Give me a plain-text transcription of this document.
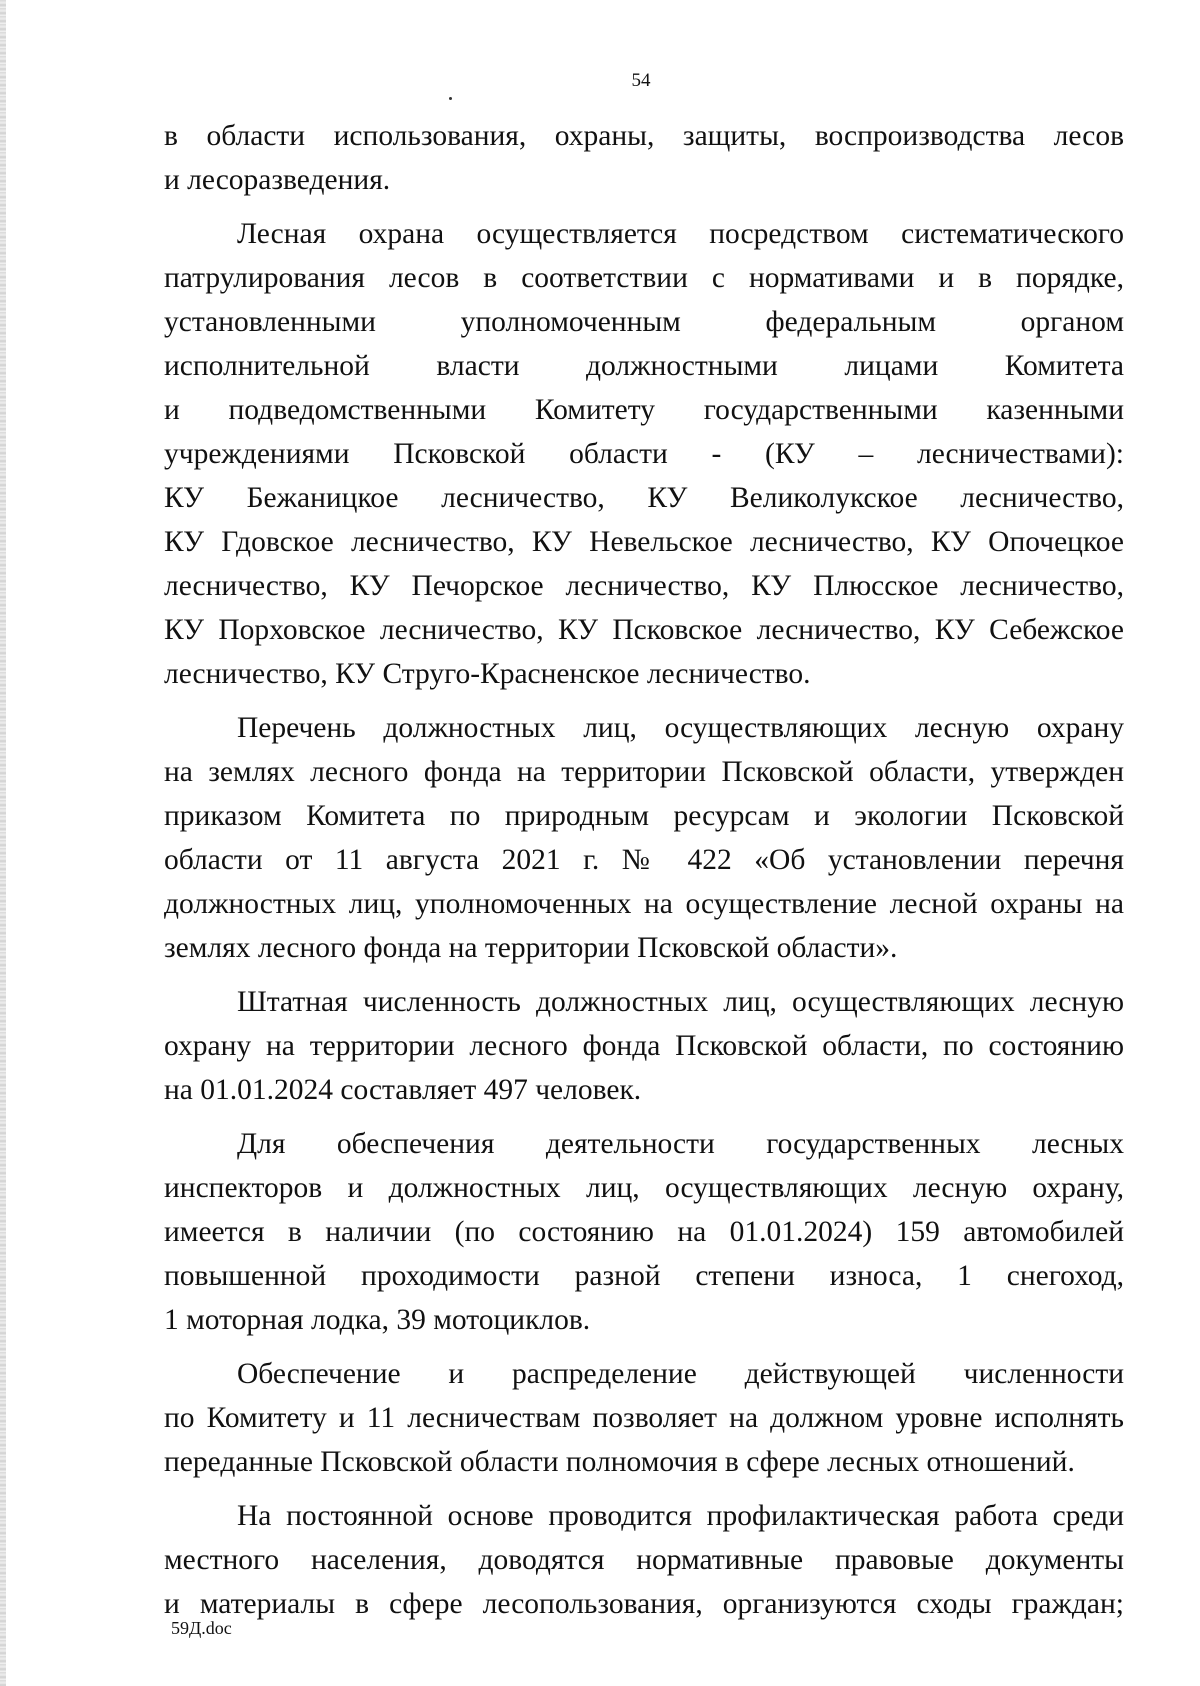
54

в области использования, охраны, защиты, воспроизводства лесов
и лесоразведения.

Лесная охрана осуществляется посредством систематического
патрулирования лесов в соответствии с нормативами и в порядке,
установленными уполномоченным федеральным органом
исполнительной власти должностными лицами Комитета
и подведомственными Комитету государственными казенными
учреждениями Псковской области - (КУ – лесничествами):
КУ Бежаницкое лесничество, КУ Великолукское лесничество,
КУ Гдовское лесничество, КУ Невельское лесничество, КУ Опочецкое
лесничество, КУ Печорское лесничество, КУ Плюсское лесничество,
КУ Порховское лесничество, КУ Псковское лесничество, КУ Себежское
лесничество, КУ Струго-Красненское лесничество.

Перечень должностных лиц, осуществляющих лесную охрану
на землях лесного фонда на территории Псковской области, утвержден
приказом Комитета по природным ресурсам и экологии Псковской
области от 11 августа 2021 г. № 422 «Об установлении перечня
должностных лиц, уполномоченных на осуществление лесной охраны на
землях лесного фонда на территории Псковской области».

Штатная численность должностных лиц, осуществляющих лесную
охрану на территории лесного фонда Псковской области, по состоянию
на 01.01.2024 составляет 497 человек.

Для обеспечения деятельности государственных лесных
инспекторов и должностных лиц, осуществляющих лесную охрану,
имеется в наличии (по состоянию на 01.01.2024) 159 автомобилей
повышенной проходимости разной степени износа, 1 снегоход,
1 моторная лодка, 39 мотоциклов.

Обеспечение и распределение действующей численности
по Комитету и 11 лесничествам позволяет на должном уровне исполнять
переданные Псковской области полномочия в сфере лесных отношений.

На постоянной основе проводится профилактическая работа среди
местного населения, доводятся нормативные правовые документы
и материалы в сфере лесопользования, организуются сходы граждан;

59Д.doc
